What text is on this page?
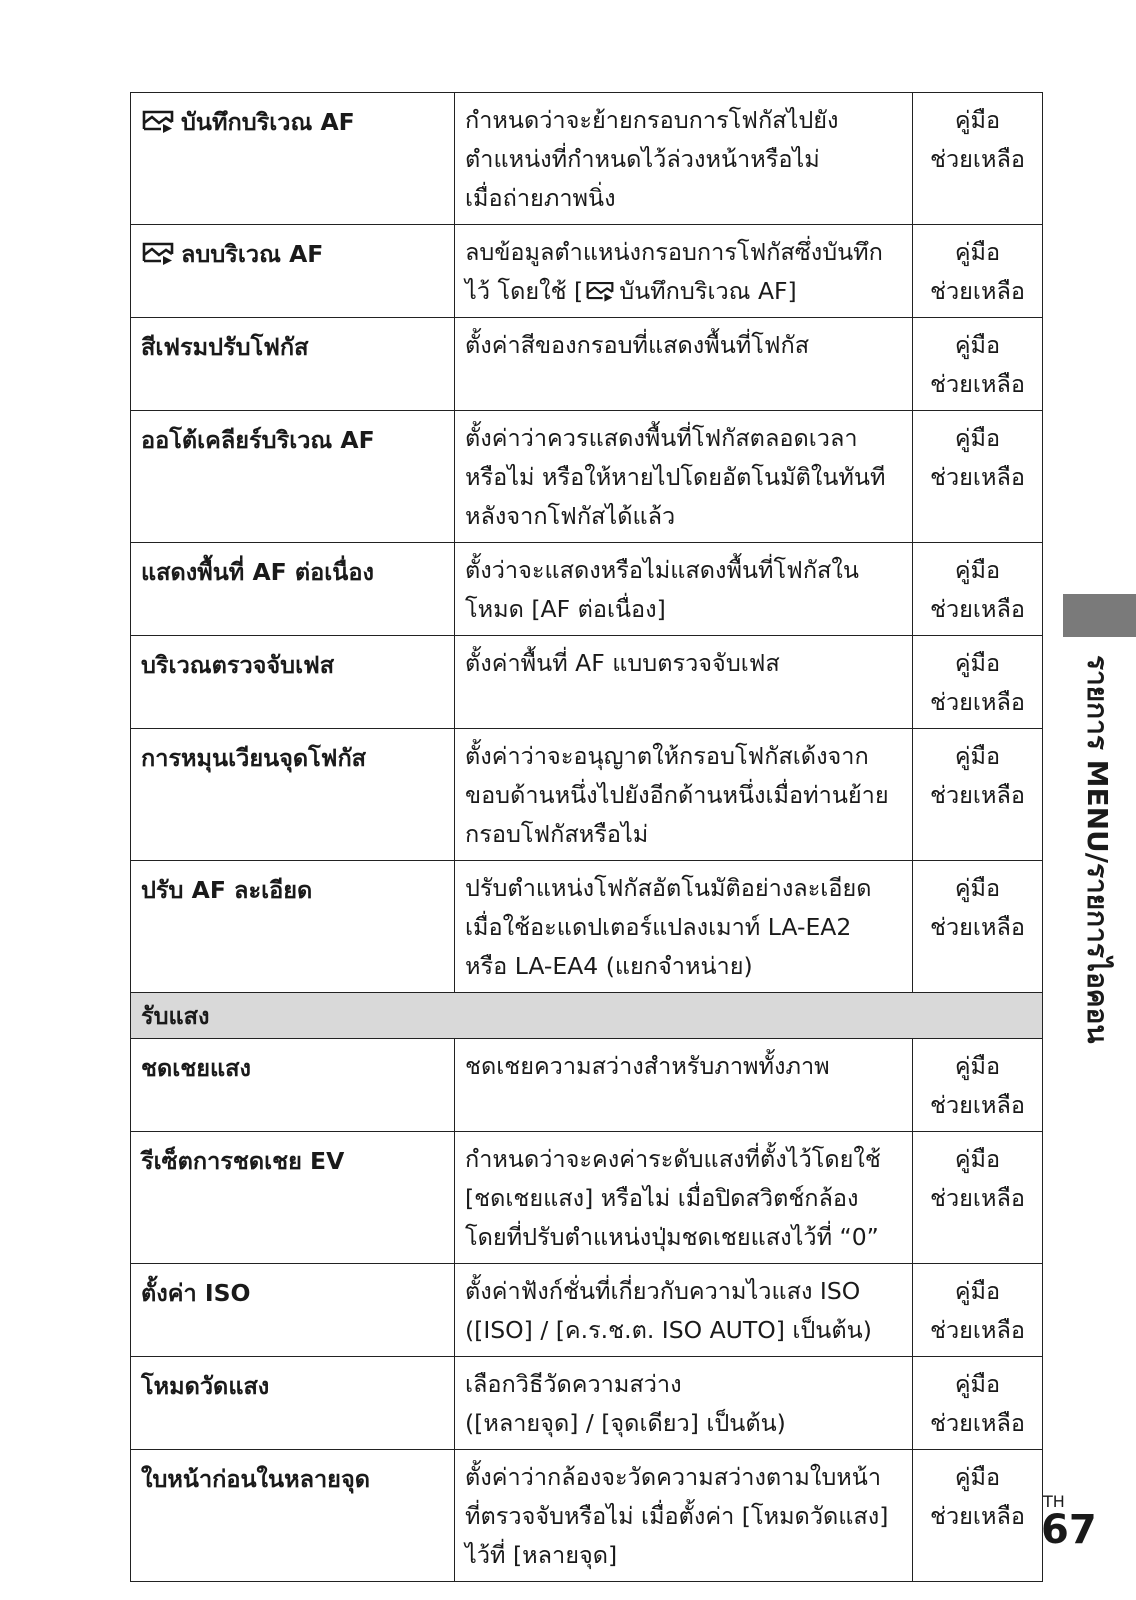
บันทึกบริเวณ AF	กำหนดว่าจะย้ายกรอบการโฟกัสไปยัง
ตำแหน่งที่กำหนดไว้ล่วงหน้าหรือไม่
เมื่อถ่ายภาพนิ่ง	คู่มือ
ช่วยเหลือ

ลบบริเวณ AF	ลบข้อมูลตำแหน่งกรอบการโฟกัสซึ่งบันทึก
ไว้ โดยใช้ [ บันทึกบริเวณ AF]	คู่มือ
ช่วยเหลือ

สีเฟรมปรับโฟกัส	ตั้งค่าสีของกรอบที่แสดงพื้นที่โฟกัส	คู่มือ
ช่วยเหลือ

ออโต้เคลียร์บริเวณ AF	ตั้งค่าว่าควรแสดงพื้นที่โฟกัสตลอดเวลา
หรือไม่ หรือให้หายไปโดยอัตโนมัติในทันที
หลังจากโฟกัสได้แล้ว	คู่มือ
ช่วยเหลือ

แสดงพื้นที่ AF ต่อเนื่อง	ตั้งว่าจะแสดงหรือไม่แสดงพื้นที่โฟกัสใน
โหมด [AF ต่อเนื่อง]	คู่มือ
ช่วยเหลือ

บริเวณตรวจจับเฟส	ตั้งค่าพื้นที่ AF แบบตรวจจับเฟส	คู่มือ
ช่วยเหลือ

การหมุนเวียนจุดโฟกัส	ตั้งค่าว่าจะอนุญาตให้กรอบโฟกัสเด้งจาก
ขอบด้านหนึ่งไปยังอีกด้านหนึ่งเมื่อท่านย้าย
กรอบโฟกัสหรือไม่	คู่มือ
ช่วยเหลือ

ปรับ AF ละเอียด	ปรับตำแหน่งโฟกัสอัตโนมัติอย่างละเอียด
เมื่อใช้อะแดปเตอร์แปลงเมาท์ LA-EA2
หรือ LA-EA4 (แยกจำหน่าย)	คู่มือ
ช่วยเหลือ

รับแสง		
ชดเชยแสง	ชดเชยความสว่างสำหรับภาพทั้งภาพ	คู่มือ
ช่วยเหลือ

รีเซ็ตการชดเชย EV	กำหนดว่าจะคงค่าระดับแสงที่ตั้งไว้โดยใช้
[ชดเชยแสง] หรือไม่ เมื่อปิดสวิตช์กล้อง
โดยที่ปรับตำแหน่งปุ่มชดเชยแสงไว้ที่ “0”	คู่มือ
ช่วยเหลือ

ตั้งค่า ISO	ตั้งค่าฟังก์ชั่นที่เกี่ยวกับความไวแสง ISO
([ISO] / [ค.ร.ช.ต. ISO AUTO] เป็นต้น)	คู่มือ
ช่วยเหลือ

โหมดวัดแสง	เลือกวิธีวัดความสว่าง
([หลายจุด] / [จุดเดียว] เป็นต้น)	คู่มือ
ช่วยเหลือ

ใบหน้าก่อนในหลายจุด	ตั้งค่าว่ากล้องจะวัดความสว่างตามใบหน้า
ที่ตรวจจับหรือไม่ เมื่อตั้งค่า [โหมดวัดแสง]
ไว้ที่ [หลายจุด]	คู่มือ
ช่วยเหลือ
รายการ MENU/รายการไอคอน
TH
67
